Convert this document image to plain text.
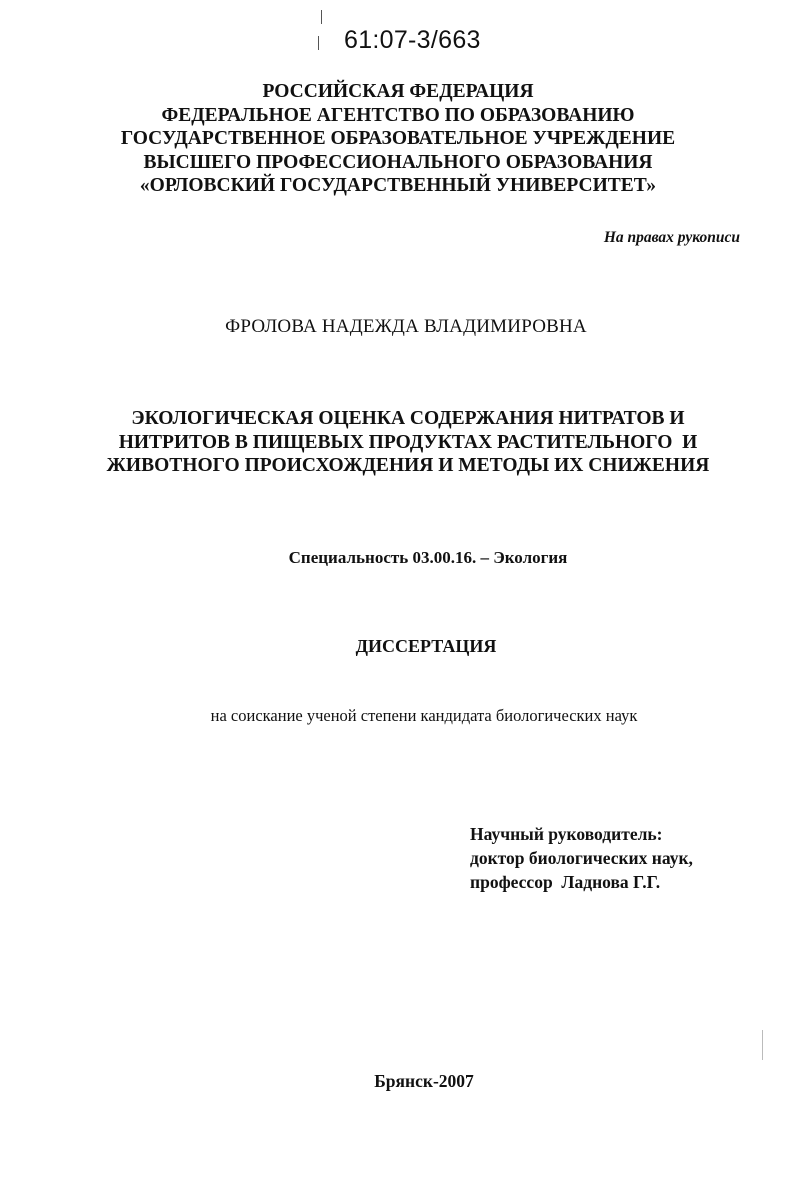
61:07-3/663
РОССИЙСКАЯ ФЕДЕРАЦИЯ
ФЕДЕРАЛЬНОЕ АГЕНТСТВО ПО ОБРАЗОВАНИЮ
ГОСУДАРСТВЕННОЕ ОБРАЗОВАТЕЛЬНОЕ УЧРЕЖДЕНИЕ
ВЫСШЕГО ПРОФЕССИОНАЛЬНОГО ОБРАЗОВАНИЯ
«ОРЛОВСКИЙ ГОСУДАРСТВЕННЫЙ УНИВЕРСИТЕТ»
На правах рукописи
ФРОЛОВА НАДЕЖДА ВЛАДИМИРОВНА
ЭКОЛОГИЧЕСКАЯ ОЦЕНКА СОДЕРЖАНИЯ НИТРАТОВ И
НИТРИТОВ В ПИЩЕВЫХ ПРОДУКТАХ РАСТИТЕЛЬНОГО  И
ЖИВОТНОГО ПРОИСХОЖДЕНИЯ И МЕТОДЫ ИХ СНИЖЕНИЯ
Специальность 03.00.16. – Экология
ДИССЕРТАЦИЯ
на соискание ученой степени кандидата биологических наук
Научный руководитель:
доктор биологических наук,
профессор  Ладнова Г.Г.
Брянск-2007
